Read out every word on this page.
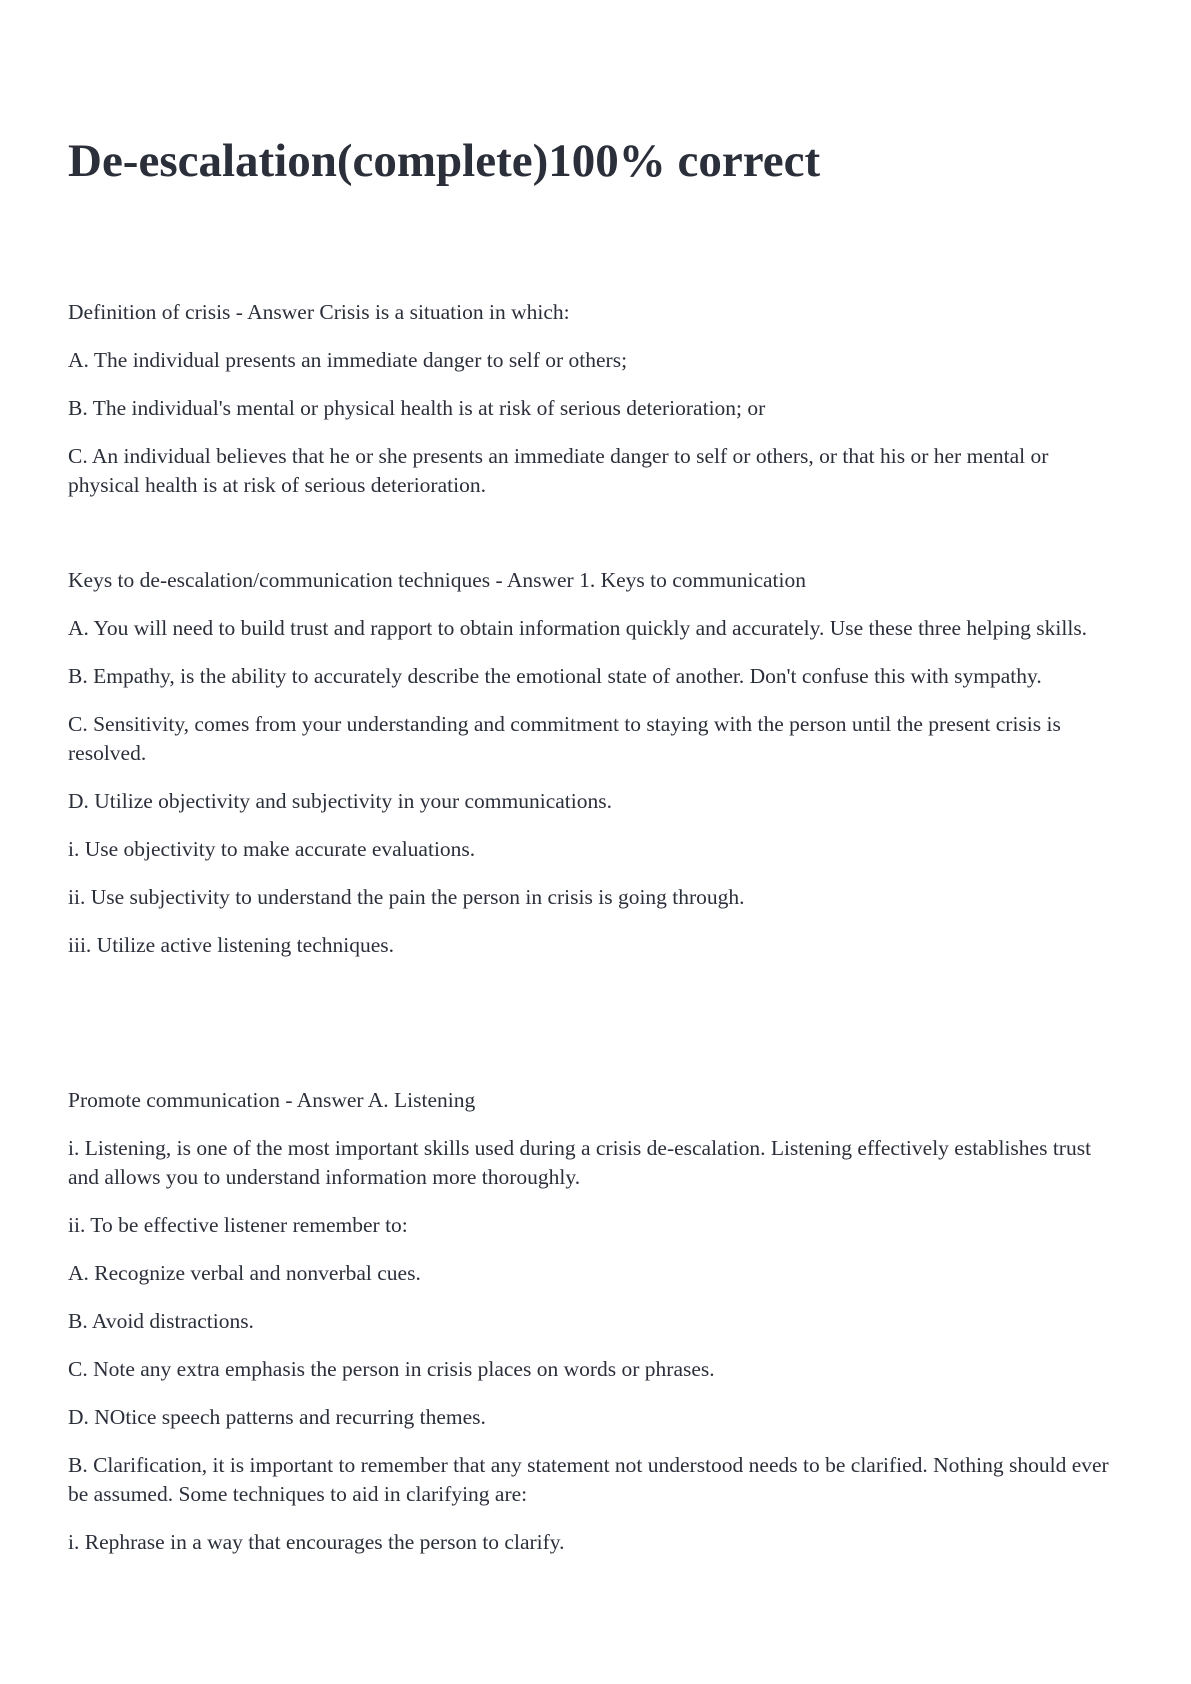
De-escalation(complete)100% correct

Definition of crisis - Answer Crisis is a situation in which:

A. The individual presents an immediate danger to self or others;

B. The individual's mental or physical health is at risk of serious deterioration; or

C. An individual believes that he or she presents an immediate danger to self or others, or that his or her mental or physical health is at risk of serious deterioration.

Keys to de-escalation/communication techniques - Answer 1. Keys to communication

A. You will need to build trust and rapport to obtain information quickly and accurately. Use these three helping skills.

B. Empathy, is the ability to accurately describe the emotional state of another. Don't confuse this with sympathy.

C. Sensitivity, comes from your understanding and commitment to staying with the person until the present crisis is resolved.

D. Utilize objectivity and subjectivity in your communications.

i. Use objectivity to make accurate evaluations.

ii. Use subjectivity to understand the pain the person in crisis is going through.

iii. Utilize active listening techniques.

Promote communication - Answer A. Listening

i. Listening, is one of the most important skills used during a crisis de-escalation. Listening effectively establishes trust and allows you to understand information more thoroughly.

ii. To be effective listener remember to:

A. Recognize verbal and nonverbal cues.

B. Avoid distractions.

C. Note any extra emphasis the person in crisis places on words or phrases.

D. NOtice speech patterns and recurring themes.

B. Clarification, it is important to remember that any statement not understood needs to be clarified. Nothing should ever be assumed. Some techniques to aid in clarifying are:

i. Rephrase in a way that encourages the person to clarify.
